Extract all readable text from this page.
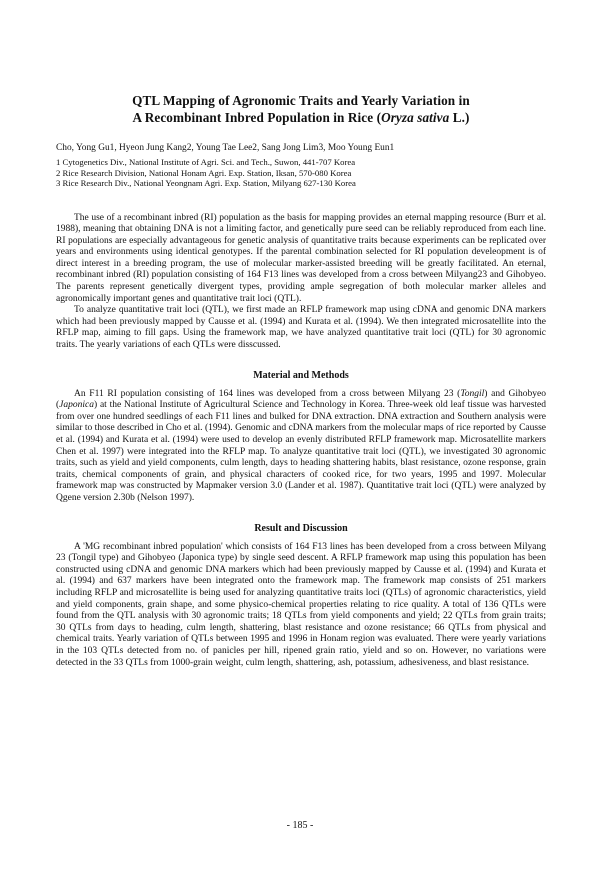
QTL Mapping of Agronomic Traits and Yearly Variation in
A Recombinant Inbred Population in Rice (Oryza sativa L.)
Cho, Yong Gu1, Hyeon Jung Kang2, Young Tae Lee2, Sang Jong Lim3, Moo Young Eun1
1 Cytogenetics Div., National Institute of Agri. Sci. and Tech., Suwon, 441-707 Korea
2 Rice Research Division, National Honam Agri. Exp. Station, Iksan, 570-080 Korea
3 Rice Research Div., National Yeongnam Agri. Exp. Station, Milyang 627-130 Korea

The use of a recombinant inbred (RI) population as the basis for mapping provides an eternal mapping resource (Burr et al. 1988), meaning that obtaining DNA is not a limiting factor, and genetically pure seed can be reliably reproduced from each line. RI populations are especially advantageous for genetic analysis of quantitative traits because experiments can be replicated over years and environments using identical genotypes. If the parental combination selected for RI population develeopment is of direct interest in a breeding program, the use of molecular marker-assisted breeding will be greatly facilitated. An eternal, recombinant inbred (RI) population consisting of 164 F13 lines was developed from a cross between Milyang23 and Gihobyeo. The parents represent genetically divergent types, providing ample segregation of both molecular marker alleles and agronomically important genes and quantitative trait loci (QTL).

To analyze quantitative trait loci (QTL), we first made an RFLP framework map using cDNA and genomic DNA markers which had been previously mapped by Causse et al. (1994) and Kurata et al. (1994). We then integrated microsatellite into the RFLP map, aiming to fill gaps. Using the framework map, we have analyzed quantitative trait loci (QTL) for 30 agronomic traits. The yearly variations of each QTLs were disscussed.

Material and Methods

An F11 RI population consisting of 164 lines was developed from a cross between Milyang 23 (Tongil) and Gihobyeo (Japonica) at the National Institute of Agricultural Science and Technology in Korea. Three-week old leaf tissue was harvested from over one hundred seedlings of each F11 lines and bulked for DNA extraction. DNA extraction and Southern analysis were similar to those described in Cho et al. (1994). Genomic and cDNA markers from the molecular maps of rice reported by Causse et al. (1994) and Kurata et al. (1994) were used to develop an evenly distributed RFLP framework map. Microsatellite markers Chen et al. 1997) were integrated into the RFLP map. To analyze quantitative trait loci (QTL), we investigated 30 agronomic traits, such as yield and yield components, culm length, days to heading shattering habits, blast resistance, ozone response, grain traits, chemical components of grain, and physical characters of cooked rice, for two years, 1995 and 1997. Molecular framework map was constructed by Mapmaker version 3.0 (Lander et al. 1987). Quantitative trait loci (QTL) were analyzed by Qgene version 2.30b (Nelson 1997).

Result and Discussion

A 'MG recombinant inbred population' which consists of 164 F13 lines has been developed from a cross between Milyang 23 (Tongil type) and Gihobyeo (Japonica type) by single seed descent. A RFLP framework map using this population has been constructed using cDNA and genomic DNA markers which had been previously mapped by Causse et al. (1994) and Kurata et al. (1994) and 637 markers have been integrated onto the framework map. The framework map consists of 251 markers including RFLP and microsatellite is being used for analyzing quantitative traits loci (QTLs) of agronomic characteristics, yield and yield components, grain shape, and some physico-chemical properties relating to rice quality. A total of 136 QTLs were found from the QTL analysis with 30 agronomic traits; 18 QTLs from yield components and yield; 22 QTLs from grain traits; 30 QTLs from days to heading, culm length, shattering, blast resistance and ozone resistance; 66 QTLs from physical and chemical traits. Yearly variation of QTLs between 1995 and 1996 in Honam region was evaluated. There were yearly variations in the 103 QTLs detected from no. of panicles per hill, ripened grain ratio, yield and so on. However, no variations were detected in the 33 QTLs from 1000-grain weight, culm length, shattering, ash, potassium, adhesiveness, and blast resistance.

- 185 -
